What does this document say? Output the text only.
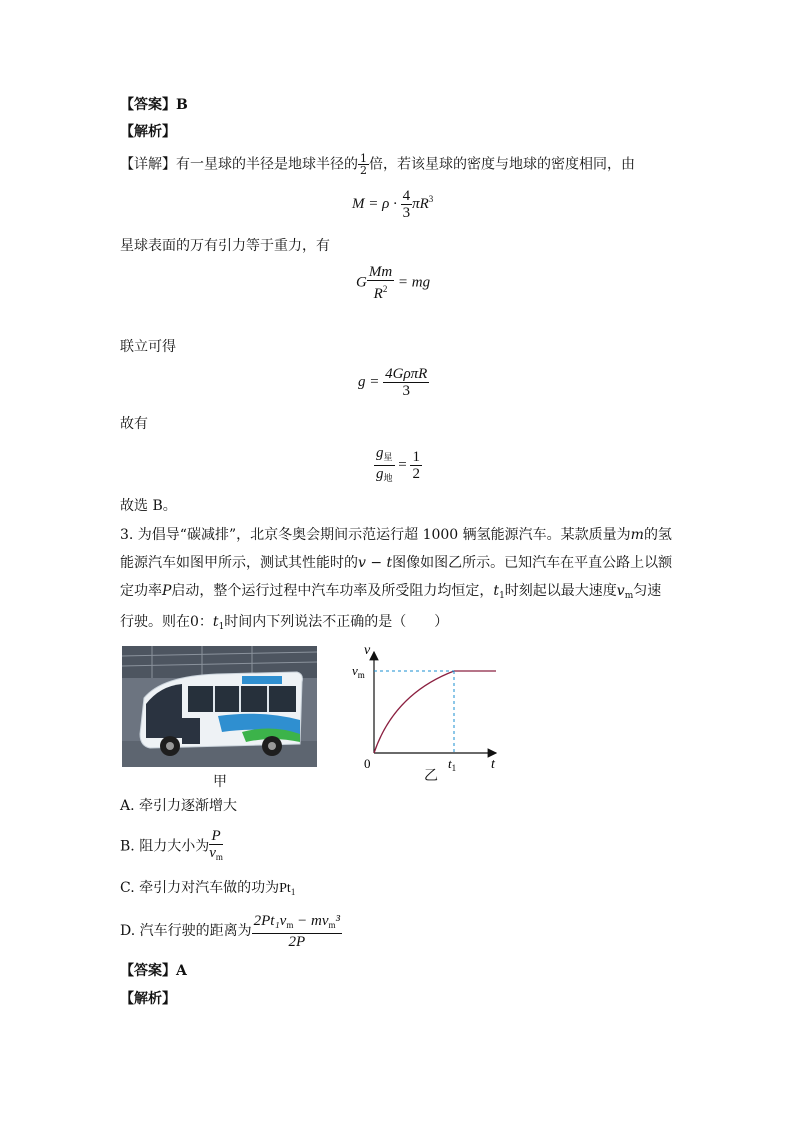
【答案】B
【解析】
【详解】有一星球的半径是地球半径的 $\frac{1}{2}$ 倍，若该星球的密度与地球的密度相同，由
$M = \rho \cdot \frac{4}{3} \pi R^3$
星球表面的万有引力等于重力，有
G $\frac{Mm}{R^2}$ = mg
联立可得
$g = \frac{\text{4GρπR}}{3}$
故有
$\frac{g_星}{g_地} = \frac{1}{2}$
故选 B。
3. 为倡导“碳减排”，北京冬奥会期间示范运行超 1000 辆氢能源汽车。某款质量为m的氢
能源汽车如图甲所示，测试其性能时的v − t图像如图乙所示。已知汽车在平直公路上以额
定功率P启动，整个运行过程中汽车功率及所受阻力均恒定，$t_1$时刻起以最大速度$v_m$匀速
行驶。则在0：$t_1$时间内下列说法不正确的是（　　）
甲
v
$v_m$
0	$t_1$ t
乙
A. 牵引力逐渐增大
B. 阻力大小为 $\frac{P}{v_m}$
C. 牵引力对汽车做的功为$Pt_1$
D. 汽车行驶的距离为 $\frac{2Pt_1v_m - mv_m^3}{2P}$
【答案】A
【解析】
